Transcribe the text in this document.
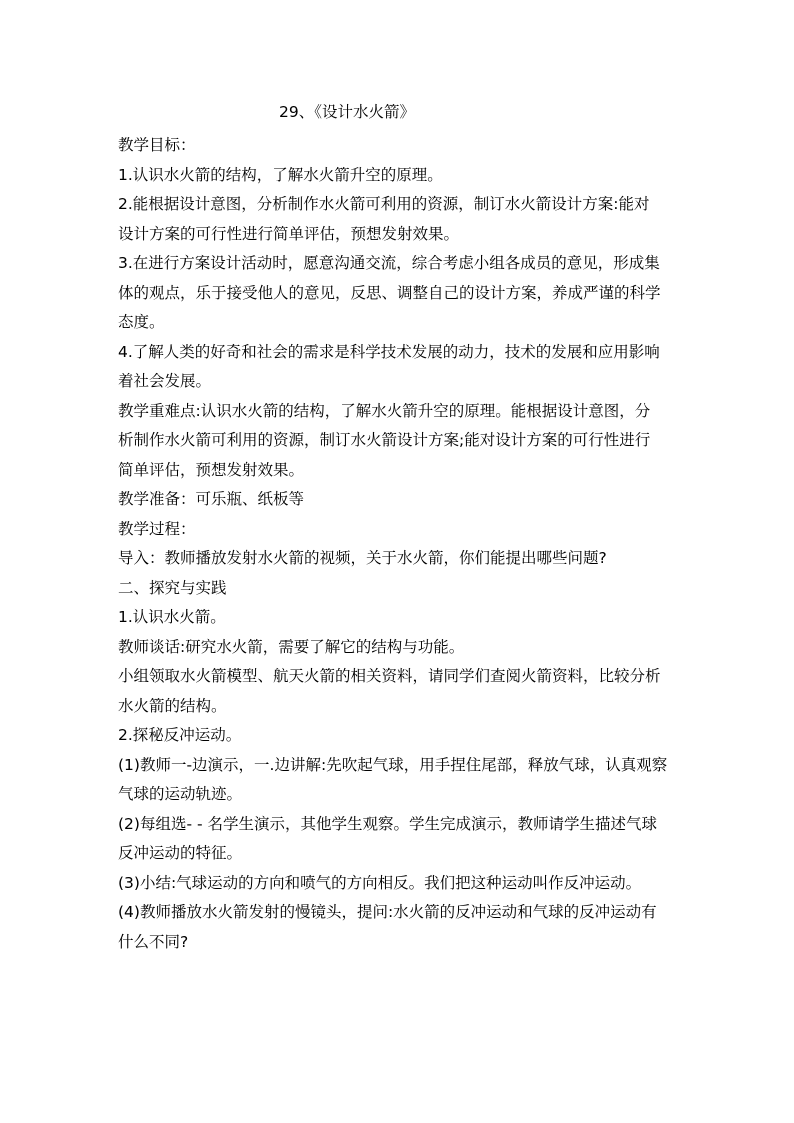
29、《设计水火箭》

教学目标：

1.认识水火箭的结构，了解水火箭升空的原理。

2.能根据设计意图，分析制作水火箭可利用的资源，制订水火箭设计方案:能对

设计方案的可行性进行简单评估，预想发射效果。

3.在进行方案设计活动时，愿意沟通交流，综合考虑小组各成员的意见，形成集

体的观点，乐于接受他人的意见，反思、调整自己的设计方案，养成严谨的科学

态度。

4.了解人类的好奇和社会的需求是科学技术发展的动力，技术的发展和应用影响

着社会发展。

教学重难点:认识水火箭的结构，了解水火箭升空的原理。能根据设计意图，分

析制作水火箭可利用的资源，制订水火箭设计方案;能对设计方案的可行性进行

简单评估，预想发射效果。

教学准备：可乐瓶、纸板等

教学过程：

导入：教师播放发射水火箭的视频，关于水火箭，你们能提出哪些问题?

二、探究与实践

1.认识水火箭。

教师谈话:研究水火箭，需要了解它的结构与功能。

小组领取水火箭模型、航天火箭的相关资料，请同学们查阅火箭资料，比较分析

水火箭的结构。

2.探秘反冲运动。

(1)教师一-边演示，一.边讲解:先吹起气球，用手捏住尾部，释放气球，认真观察

气球的运动轨迹。

(2)每组选- - 名学生演示，其他学生观察。学生完成演示，教师请学生描述气球

反冲运动的特征。

(3)小结:气球运动的方向和喷气的方向相反。我们把这种运动叫作反冲运动。

(4)教师播放水火箭发射的慢镜头，提问:水火箭的反冲运动和气球的反冲运动有

什么不同?
